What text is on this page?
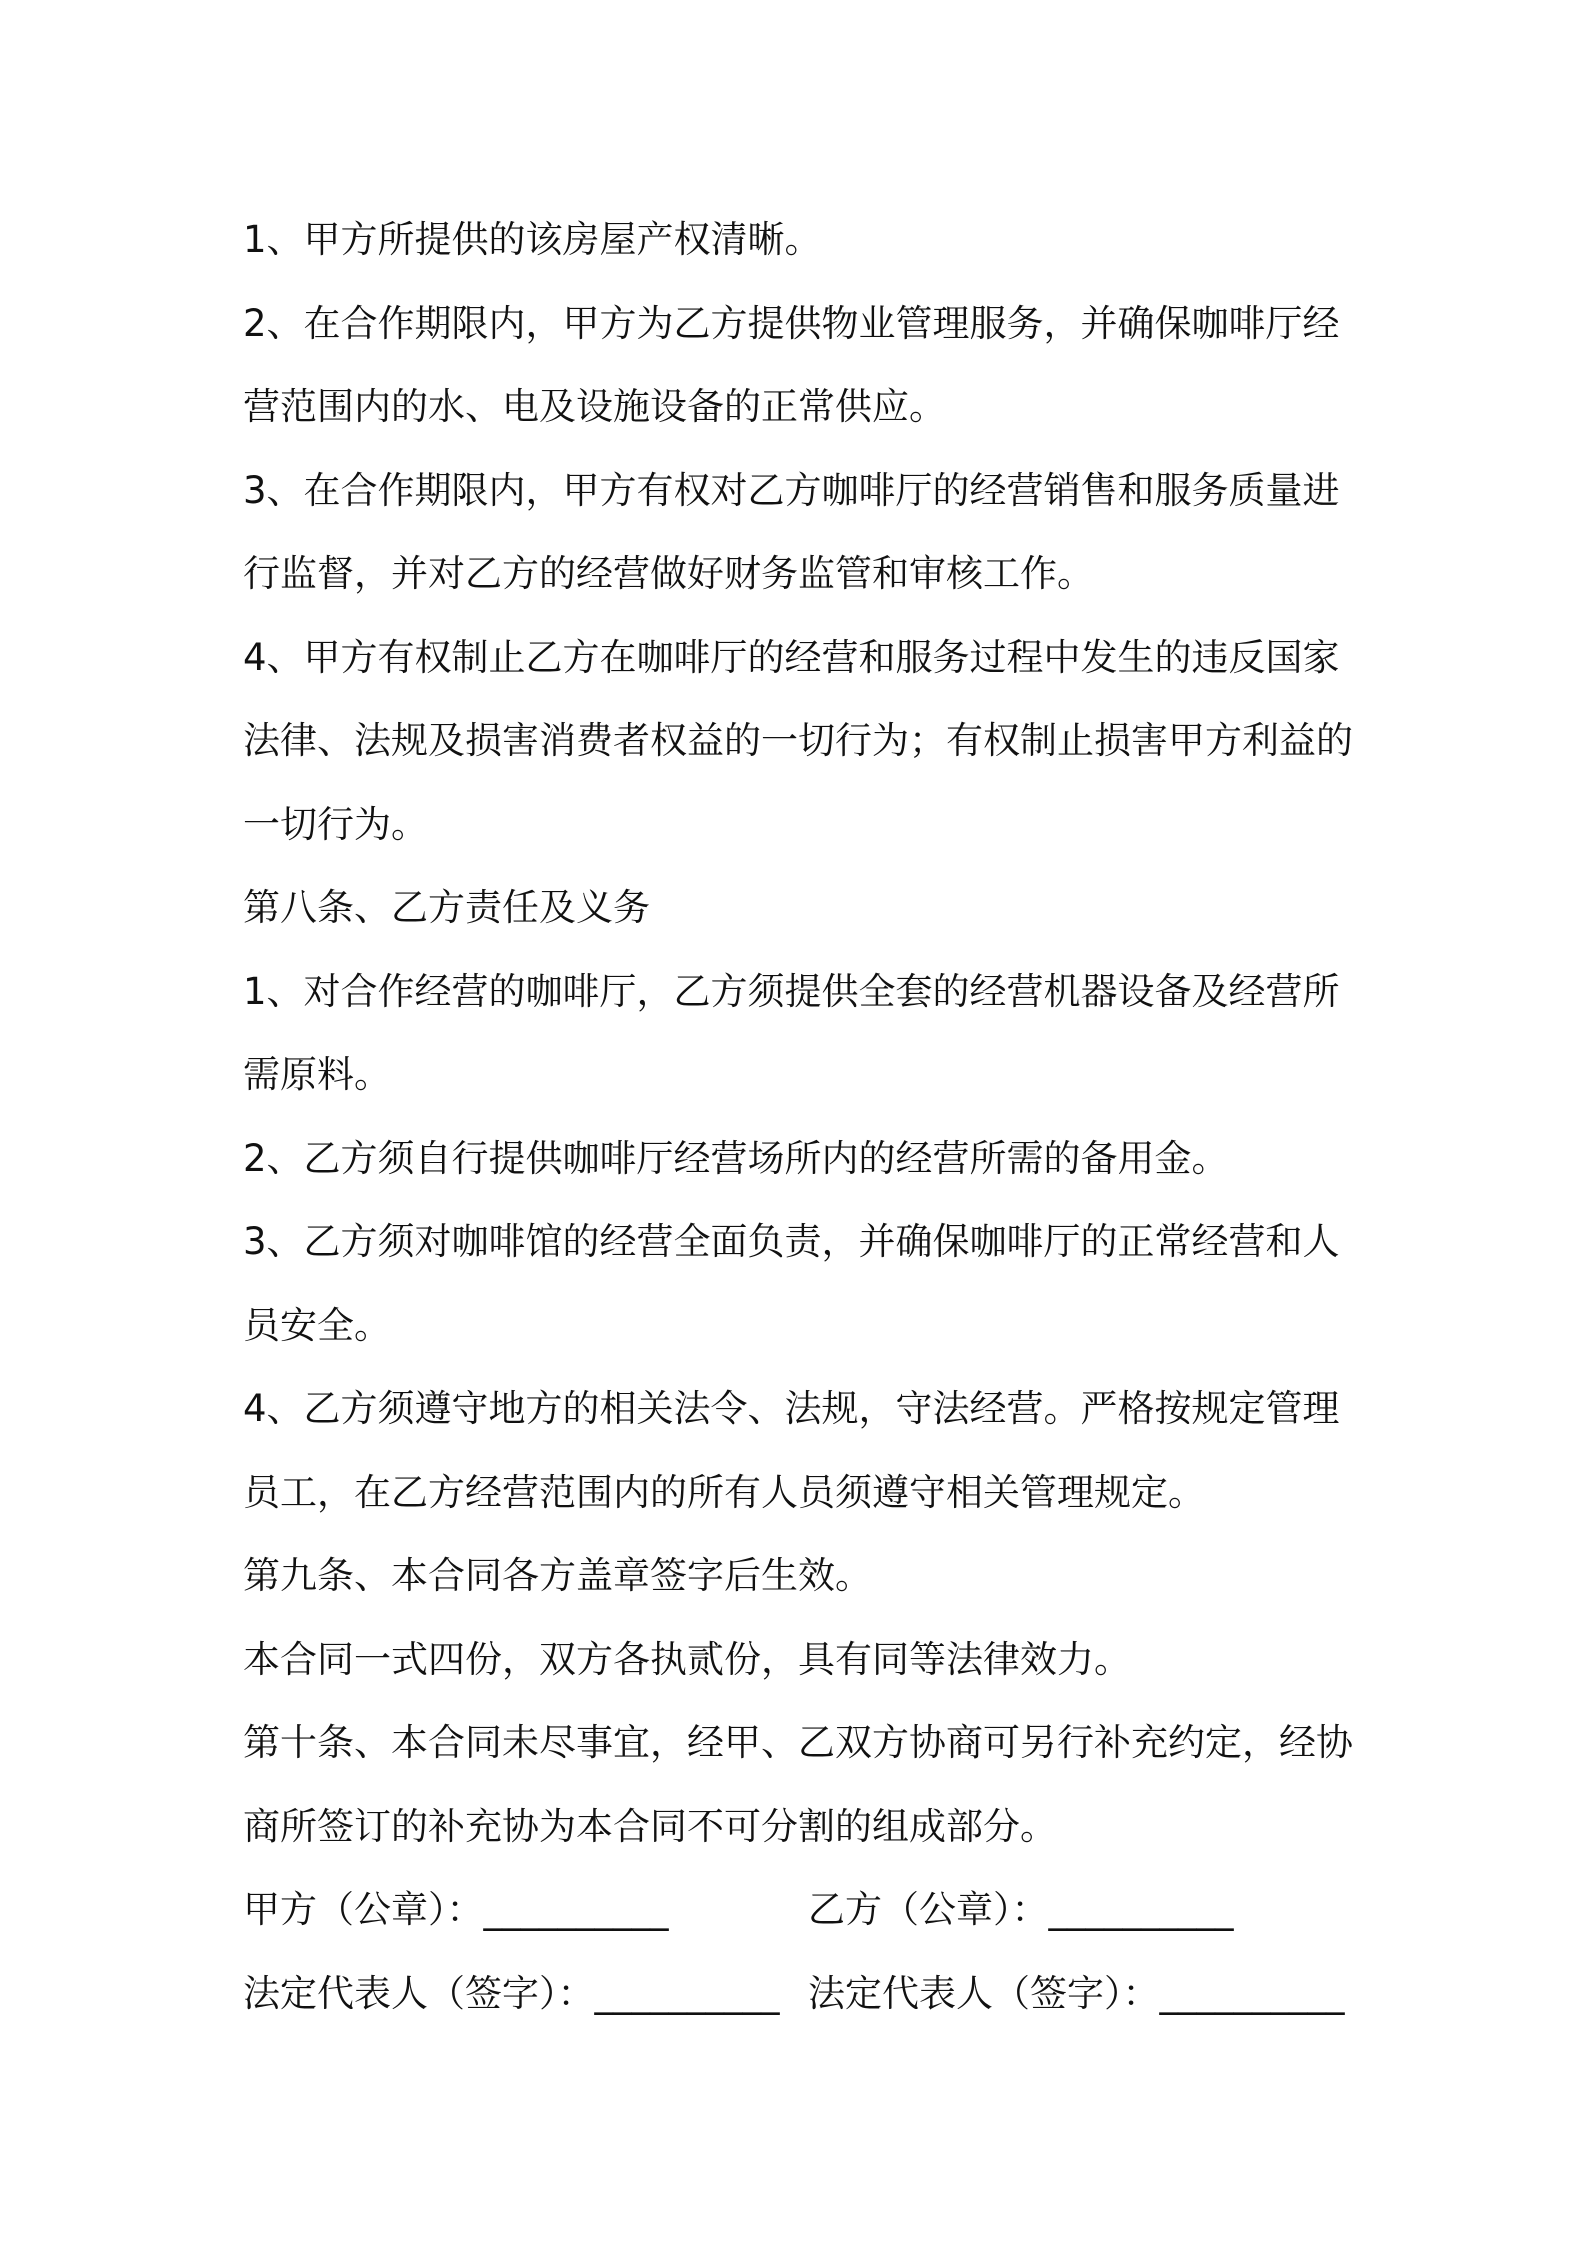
1、甲方所提供的该房屋产权清晰。
2、在合作期限内，甲方为乙方提供物业管理服务，并确保咖啡厅经
营范围内的水、电及设施设备的正常供应。
3、在合作期限内，甲方有权对乙方咖啡厅的经营销售和服务质量进
行监督，并对乙方的经营做好财务监管和审核工作。
4、甲方有权制止乙方在咖啡厅的经营和服务过程中发生的违反国家
法律、法规及损害消费者权益的一切行为；有权制止损害甲方利益的
一切行为。
第八条、乙方责任及义务
1、对合作经营的咖啡厅，乙方须提供全套的经营机器设备及经营所
需原料。
2、乙方须自行提供咖啡厅经营场所内的经营所需的备用金。
3、乙方须对咖啡馆的经营全面负责，并确保咖啡厅的正常经营和人
员安全。
4、乙方须遵守地方的相关法令、法规，守法经营。严格按规定管理
员工，在乙方经营范围内的所有人员须遵守相关管理规定。
第九条、本合同各方盖章签字后生效。
本合同一式四份，双方各执贰份，具有同等法律效力。
第十条、本合同未尽事宜，经甲、乙双方协商可另行补充约定，经协
商所签订的补充协为本合同不可分割的组成部分。
甲方（公章）：__________	乙方（公章）：__________
法定代表人（签字）：__________ 法定代表人（签字）：__________
